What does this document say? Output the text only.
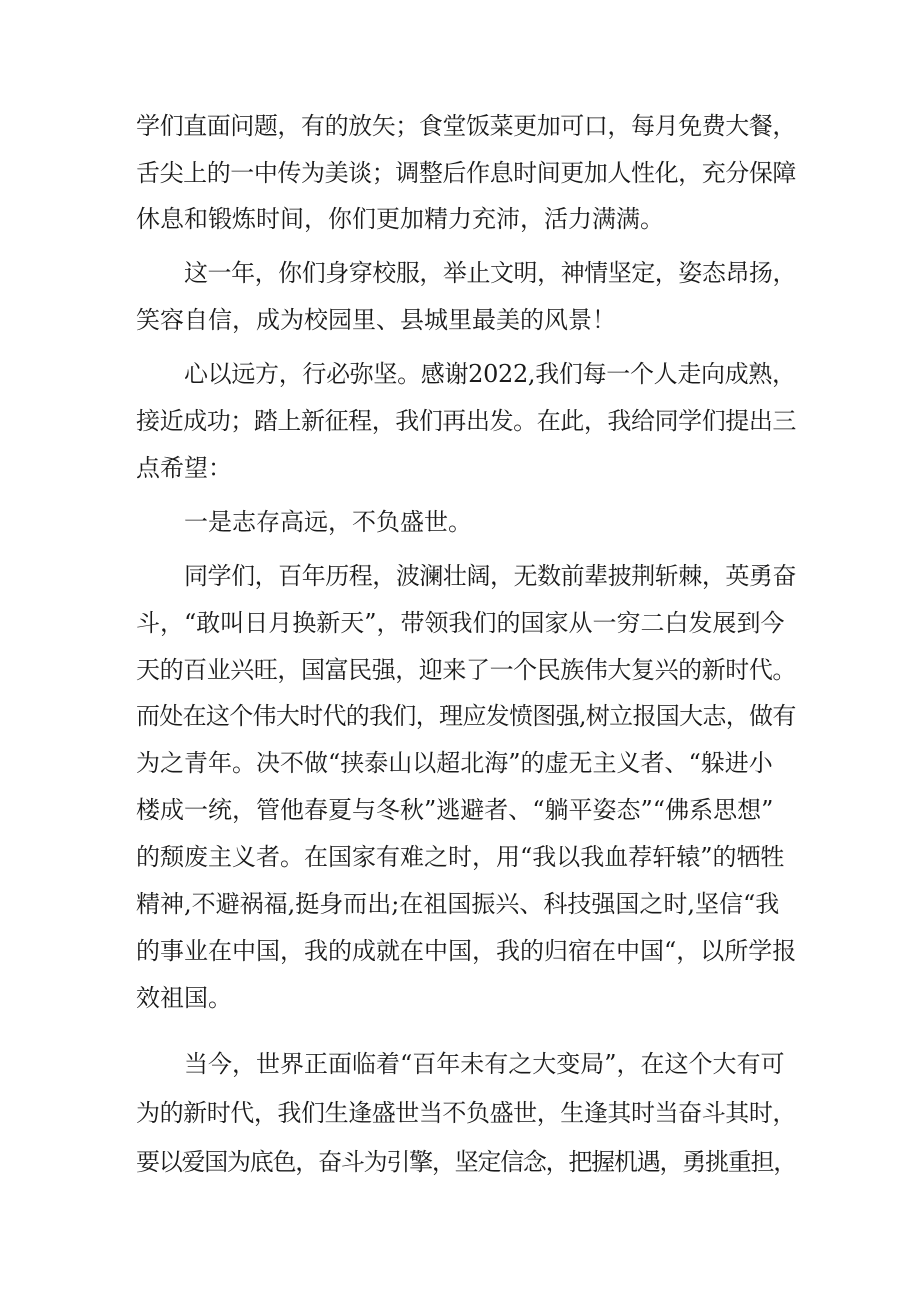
学们直面问题，有的放矢；食堂饭菜更加可口，每月免费大餐，

舌尖上的一中传为美谈；调整后作息时间更加人性化，充分保障

休息和锻炼时间，你们更加精力充沛，活力满满。

这一年，你们身穿校服，举止文明，神情坚定，姿态昂扬，

笑容自信，成为校园里、县城里最美的风景！

心以远方，行必弥坚。感谢2022,我们每一个人走向成熟，

接近成功；踏上新征程，我们再出发。在此，我给同学们提出三

点希望：

一是志存高远，不负盛世。

同学们，百年历程，波澜壮阔，无数前辈披荆斩棘，英勇奋

斗，“敢叫日月换新天”，带领我们的国家从一穷二白发展到今

天的百业兴旺，国富民强，迎来了一个民族伟大复兴的新时代。

而处在这个伟大时代的我们，理应发愤图强,树立报国大志，做有

为之青年。决不做“挟泰山以超北海”的虚无主义者、“躲进小

楼成一统，管他春夏与冬秋”逃避者、“躺平姿态”“佛系思想”

的颓废主义者。在国家有难之时，用“我以我血荐轩辕”的牺牲

精神,不避祸福,挺身而出;在祖国振兴、科技强国之时,坚信“我

的事业在中国，我的成就在中国，我的归宿在中国“，以所学报

效祖国。

当今，世界正面临着“百年未有之大变局”，在这个大有可

为的新时代，我们生逢盛世当不负盛世，生逢其时当奋斗其时，

要以爱国为底色，奋斗为引擎，坚定信念，把握机遇，勇挑重担，
